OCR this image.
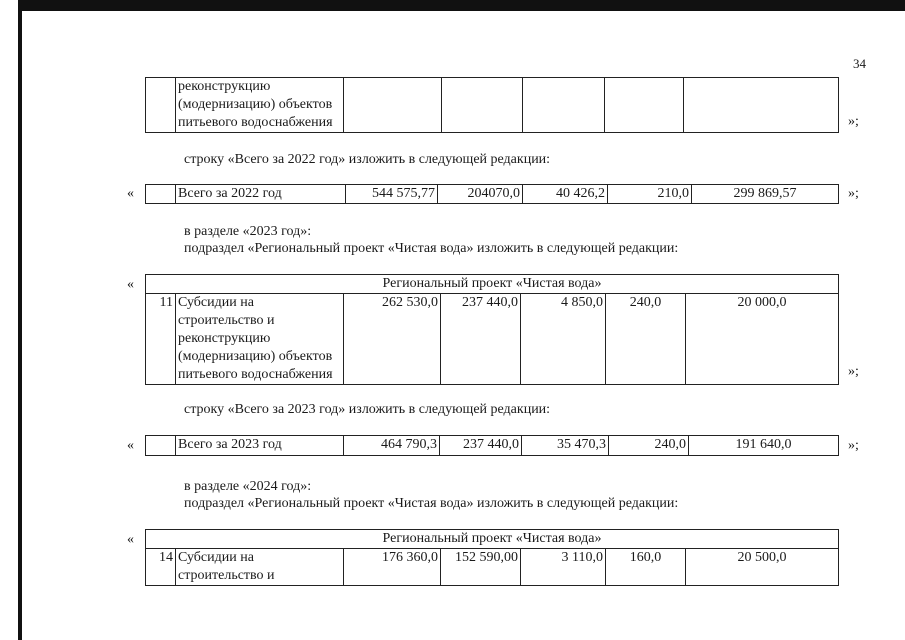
34
	реконструкцию (модернизацию) объектов питьевого водоснабжения						»;
строку «Всего за 2022 год» изложить в следующей редакции:
«
		Всего за 2022 год	544 575,77	204070,0	40 426,2	210,0	299 869,57	»;
в разделе «2023 год»:
подраздел «Региональный проект «Чистая вода» изложить в следующей редакции:
«	Региональный проект «Чистая вода»
11	Субсидии на строительство и реконструкцию (модернизацию) объектов питьевого водоснабжения	262 530,0	237 440,0	4 850,0	240,0	20 000,0
»;
строку «Всего за 2023 год» изложить в следующей редакции:
«
		Всего за 2023 год	464 790,3	237 440,0	35 470,3	240,0	191 640,0	»;
в разделе «2024 год»:
подраздел «Региональный проект «Чистая вода» изложить в следующей редакции:
«	Региональный проект «Чистая вода»
14	Субсидии на строительство и	176 360,0	152 590,00	3 110,0	160,0	20 500,0
